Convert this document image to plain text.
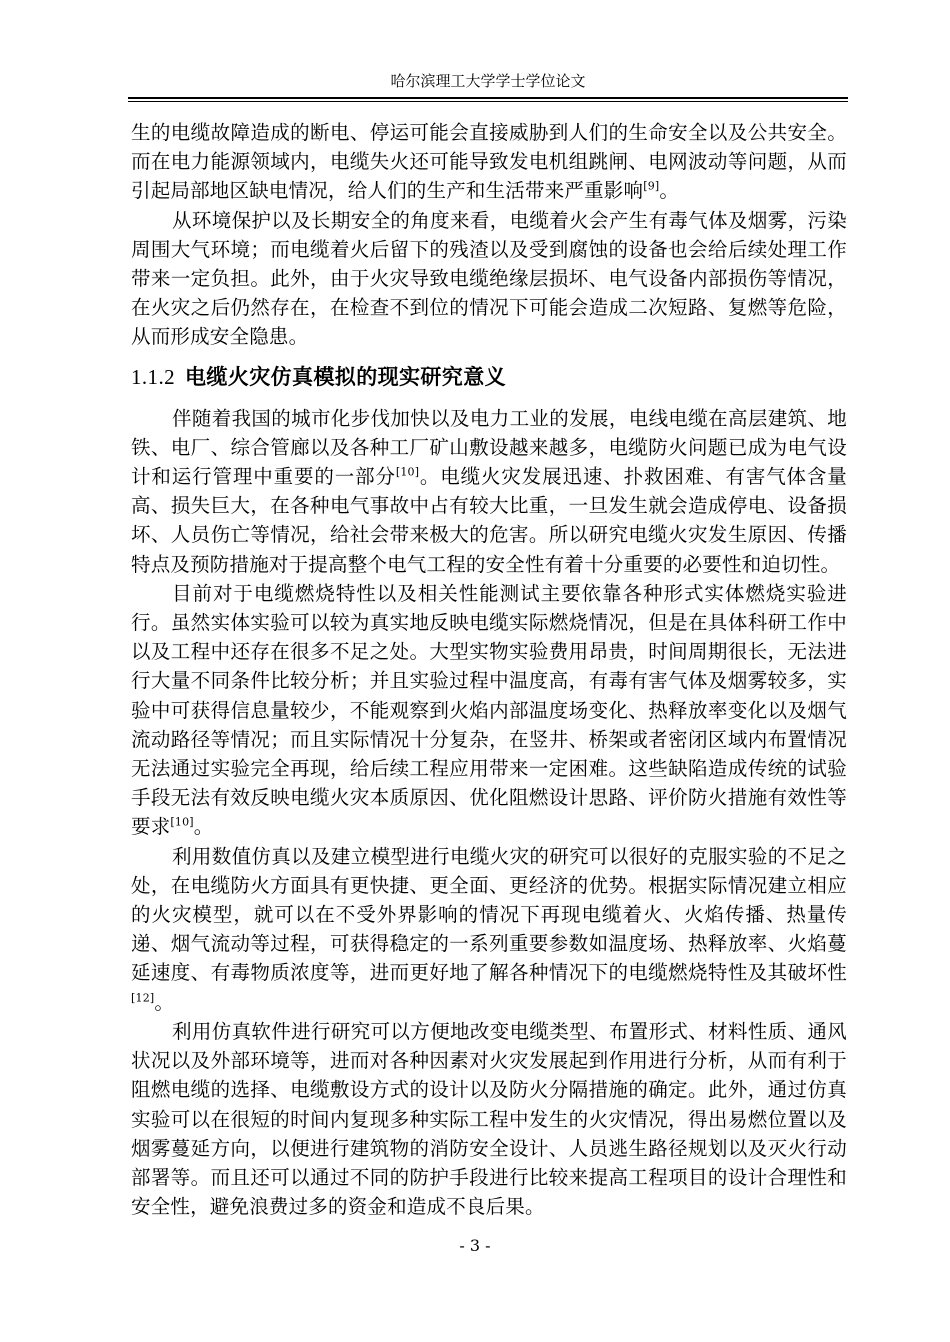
哈尔滨理工大学学士学位论文

生的电缆故障造成的断电、停运可能会直接威胁到人们的生命安全以及公共安全。而在电力能源领域内，电缆失火还可能导致发电机组跳闸、电网波动等问题，从而引起局部地区缺电情况，给人们的生产和生活带来严重影响[9]。

从环境保护以及长期安全的角度来看，电缆着火会产生有毒气体及烟雾，污染周围大气环境；而电缆着火后留下的残渣以及受到腐蚀的设备也会给后续处理工作带来一定负担。此外，由于火灾导致电缆绝缘层损坏、电气设备内部损伤等情况，在火灾之后仍然存在，在检查不到位的情况下可能会造成二次短路、复燃等危险，从而形成安全隐患。

1.1.2 电缆火灾仿真模拟的现实研究意义

伴随着我国的城市化步伐加快以及电力工业的发展，电线电缆在高层建筑、地铁、电厂、综合管廊以及各种工厂矿山敷设越来越多，电缆防火问题已成为电气设计和运行管理中重要的一部分[10]。电缆火灾发展迅速、扑救困难、有害气体含量高、损失巨大，在各种电气事故中占有较大比重，一旦发生就会造成停电、设备损坏、人员伤亡等情况，给社会带来极大的危害。所以研究电缆火灾发生原因、传播特点及预防措施对于提高整个电气工程的安全性有着十分重要的必要性和迫切性。

目前对于电缆燃烧特性以及相关性能测试主要依靠各种形式实体燃烧实验进行。虽然实体实验可以较为真实地反映电缆实际燃烧情况，但是在具体科研工作中以及工程中还存在很多不足之处。大型实物实验费用昂贵，时间周期很长，无法进行大量不同条件比较分析；并且实验过程中温度高，有毒有害气体及烟雾较多，实验中可获得信息量较少，不能观察到火焰内部温度场变化、热释放率变化以及烟气流动路径等情况；而且实际情况十分复杂，在竖井、桥架或者密闭区域内布置情况无法通过实验完全再现，给后续工程应用带来一定困难。这些缺陷造成传统的试验手段无法有效反映电缆火灾本质原因、优化阻燃设计思路、评价防火措施有效性等要求[10]。

利用数值仿真以及建立模型进行电缆火灾的研究可以很好的克服实验的不足之处，在电缆防火方面具有更快捷、更全面、更经济的优势。根据实际情况建立相应的火灾模型，就可以在不受外界影响的情况下再现电缆着火、火焰传播、热量传递、烟气流动等过程，可获得稳定的一系列重要参数如温度场、热释放率、火焰蔓延速度、有毒物质浓度等，进而更好地了解各种情况下的电缆燃烧特性及其破坏性[12]。

利用仿真软件进行研究可以方便地改变电缆类型、布置形式、材料性质、通风状况以及外部环境等，进而对各种因素对火灾发展起到作用进行分析，从而有利于阻燃电缆的选择、电缆敷设方式的设计以及防火分隔措施的确定。此外，通过仿真实验可以在很短的时间内复现多种实际工程中发生的火灾情况，得出易燃位置以及烟雾蔓延方向，以便进行建筑物的消防安全设计、人员逃生路径规划以及灭火行动部署等。而且还可以通过不同的防护手段进行比较来提高工程项目的设计合理性和安全性，避免浪费过多的资金和造成不良后果。

- 3 -
